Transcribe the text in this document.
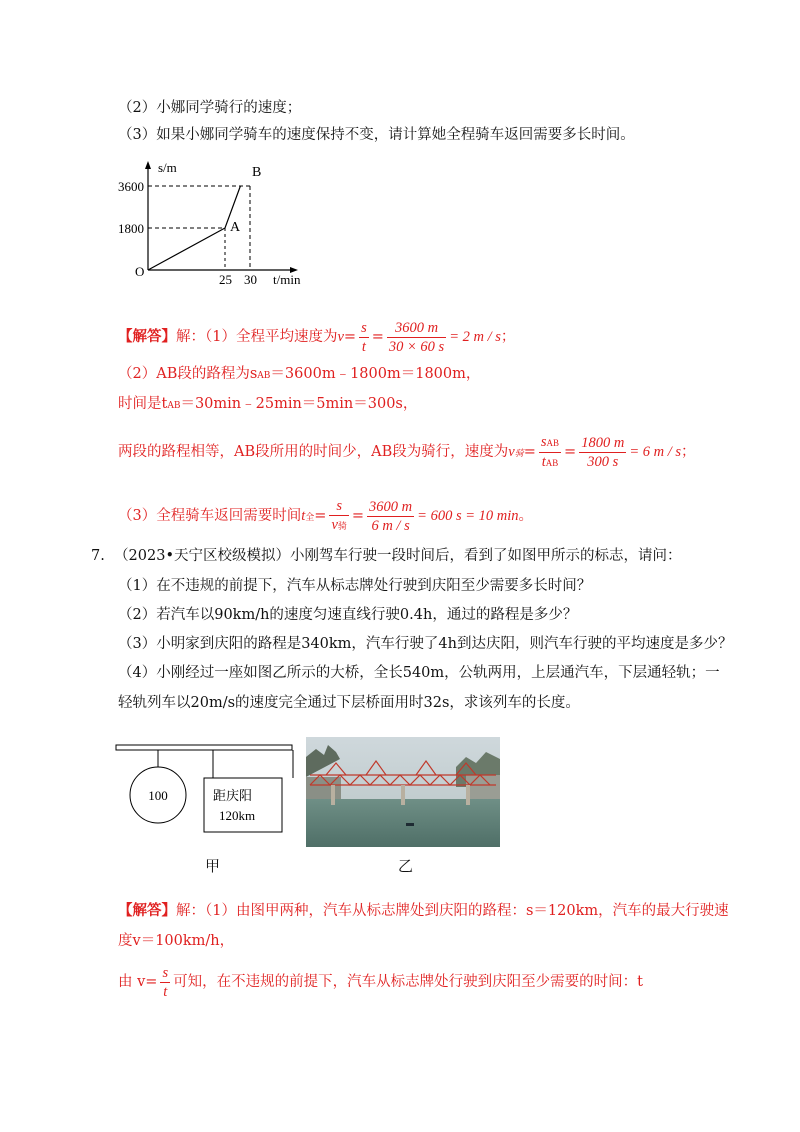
（2）小娜同学骑行的速度；
（3）如果小娜同学骑车的速度保持不变，请计算她全程骑车返回需要多长时间。
s/m
t/min
O
3600
1800
25 30
A
B
【解答】解：（1）全程平均速度为$v= \frac{s}{t} = \frac{3600 m}{30 \times 60 s} = 2$ m / s；
（2）AB段的路程为sAB＝3600m﹣1800m＝1800m，
时间是tAB＝30min﹣25min＝5min＝300s，
两段的路程相等，AB段所用的时间少，AB段为骑行，速度为v骑= $\frac{\text{sAB}}{\text{tAB}} = \frac{1800 m}{300 s} = 6$ m / s；
（3）全程骑车返回需要时间t全= $\frac{s}{\text{v骑}} = \frac{3600 m}{6 m / s} = 600$ s = 10 min。
7. （2023•天宁区校级模拟）小刚驾车行驶一段时间后，看到了如图甲所示的标志，请问：
（1）在不违规的前提下，汽车从标志牌处行驶到庆阳至少需要多长时间？
（2）若汽车以90km/h的速度匀速直线行驶0.4h，通过的路程是多少？
（3）小明家到庆阳的路程是340km，汽车行驶了4h到达庆阳，则汽车行驶的平均速度是多少？
（4）小刚经过一座如图乙所示的大桥，全长540m，公轨两用，上层通汽车，下层通轻轨；一
轻轨列车以20m/s的速度完全通过下层桥面用时32s，求该列车的长度。
100	距庆阳
120km
甲	乙
【解答】解：（1）由图甲两种，汽车从标志牌处到庆阳的路程：s＝120km，汽车的最大行驶速
度v＝100km/h，
由 $v= \frac{s}{t}$ 可知，在不违规的前提下，汽车从标志牌处行驶到庆阳至少需要的时间：t
